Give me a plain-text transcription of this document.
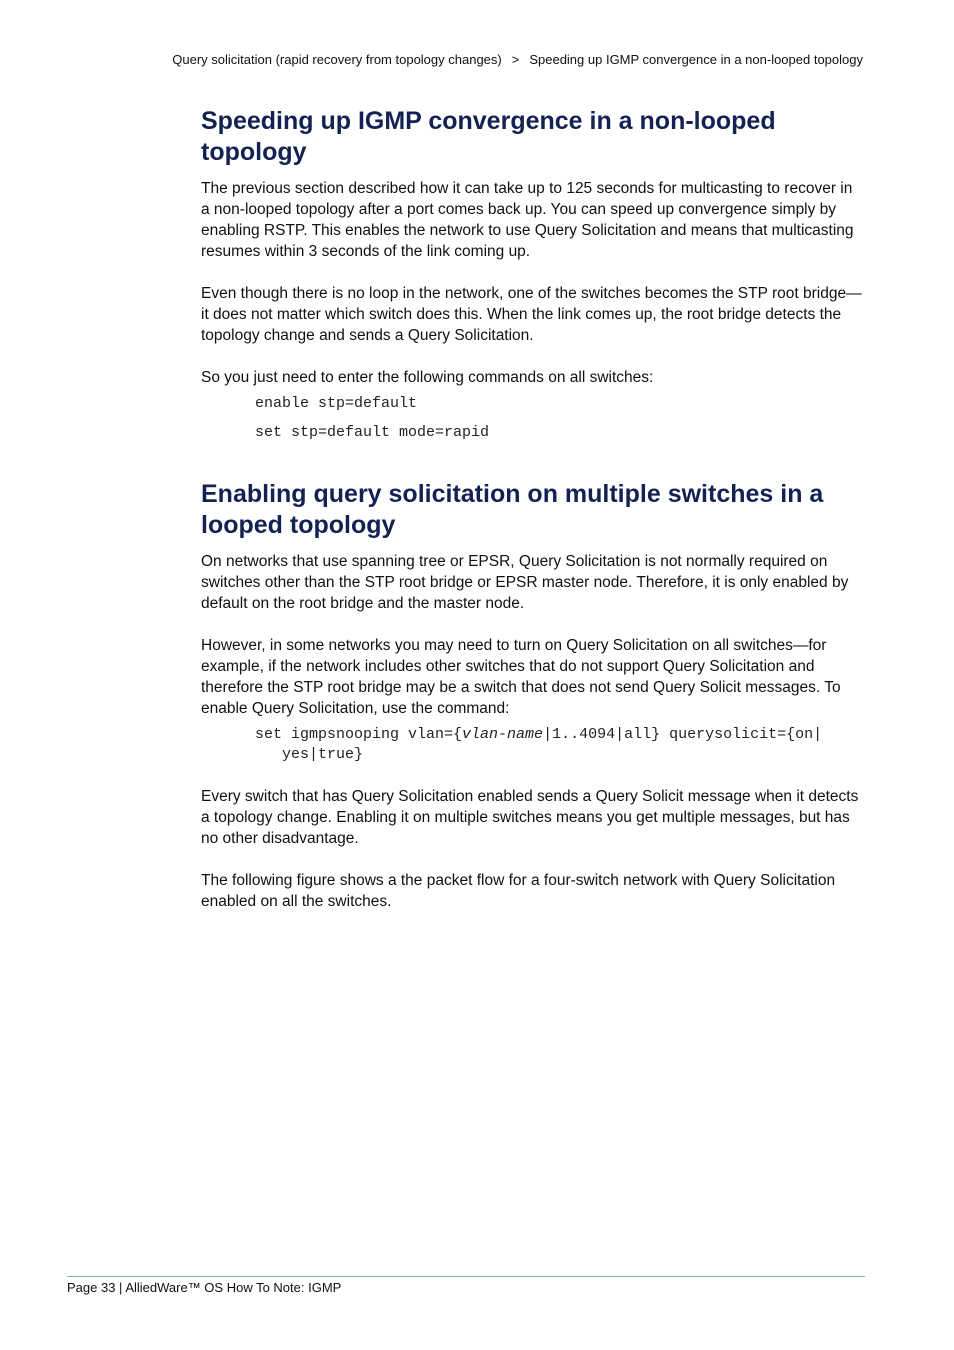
Query solicitation (rapid recovery from topology changes) > Speeding up IGMP convergence in a non-looped topology
Speeding up IGMP convergence in a non-looped topology

The previous section described how it can take up to 125 seconds for multicasting to recover in a non-looped topology after a port comes back up. You can speed up convergence simply by enabling RSTP. This enables the network to use Query Solicitation and means that multicasting resumes within 3 seconds of the link coming up.

Even though there is no loop in the network, one of the switches becomes the STP root bridge—it does not matter which switch does this. When the link comes up, the root bridge detects the topology change and sends a Query Solicitation.

So you just need to enter the following commands on all switches:

enable stp=default
set stp=default mode=rapid
Enabling query solicitation on multiple switches in a looped topology

On networks that use spanning tree or EPSR, Query Solicitation is not normally required on switches other than the STP root bridge or EPSR master node. Therefore, it is only enabled by default on the root bridge and the master node.

However, in some networks you may need to turn on Query Solicitation on all switches—for example, if the network includes other switches that do not support Query Solicitation and therefore the STP root bridge may be a switch that does not send Query Solicit messages. To enable Query Solicitation, use the command:

set igmpsnooping vlan={vlan-name|1..4094|all} querysolicit={on|
yes|true}

Every switch that has Query Solicitation enabled sends a Query Solicit message when it detects a topology change. Enabling it on multiple switches means you get multiple messages, but has no other disadvantage.

The following figure shows a the packet flow for a four-switch network with Query Solicitation enabled on all the switches.

Page 33 | AlliedWare™ OS How To Note: IGMP
